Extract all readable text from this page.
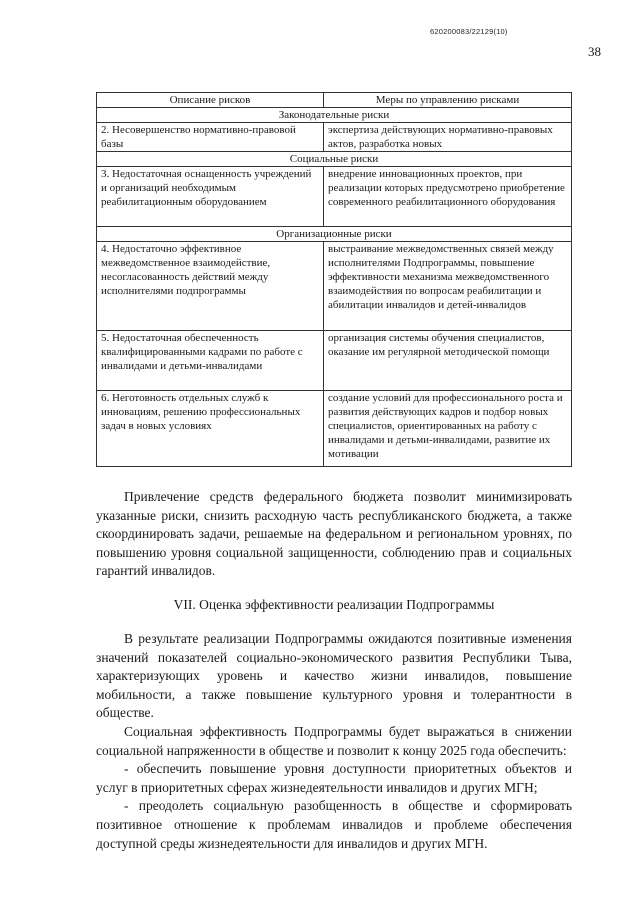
620200083/22129(10)
38
Описание рисков	Меры по управлению рисками
Законодательные риски	
2. Несовершенство нормативно-правовой базы	экспертиза действующих нормативно-правовых актов, разработка новых
Социальные риски	
3. Недостаточная оснащенность учреждений и организаций необходимым реабилитационным оборудованием	внедрение инновационных проектов, при реализации которых предусмотрено приобретение современного реабилитационного оборудования
Организационные риски	
4. Недостаточно эффективное межведомственное взаимодействие, несогласованность действий между исполнителями подпрограммы	выстраивание межведомственных связей между исполнителями Подпрограммы, повышение эффективности механизма межведомственного взаимодействия по вопросам реабилитации и абилитации инвалидов и детей-инвалидов
5. Недостаточная обеспеченность квалифицированными кадрами по работе с инвалидами и детьми-инвалидами	организация системы обучения специалистов, оказание им регулярной методической помощи
6. Неготовность отдельных служб к инновациям, решению профессиональных задач в новых условиях	создание условий для профессионального роста и развития действующих кадров и подбор новых специалистов, ориентированных на работу с инвалидами и детьми-инвалидами, развитие их мотивации

Привлечение средств федерального бюджета позволит минимизировать указанные риски, снизить расходную часть республиканского бюджета, а также скоординировать задачи, решаемые на федеральном и региональном уровнях, по повышению уровня социальной защищенности, соблюдению прав и социальных гарантий инвалидов.

VII. Оценка эффективности реализации Подпрограммы

В результате реализации Подпрограммы ожидаются позитивные изменения значений показателей социально-экономического развития Республики Тыва, характеризующих уровень и качество жизни инвалидов, повышение мобильности, а также повышение культурного уровня и толерантности в обществе.

Социальная эффективность Подпрограммы будет выражаться в снижении социальной напряженности в обществе и позволит к концу 2025 года обеспечить:

- обеспечить повышение уровня доступности приоритетных объектов и услуг в приоритетных сферах жизнедеятельности инвалидов и других МГН;

- преодолеть социальную разобщенность в обществе и сформировать позитивное отношение к проблемам инвалидов и проблеме обеспечения доступной среды жизнедеятельности для инвалидов и других МГН.
